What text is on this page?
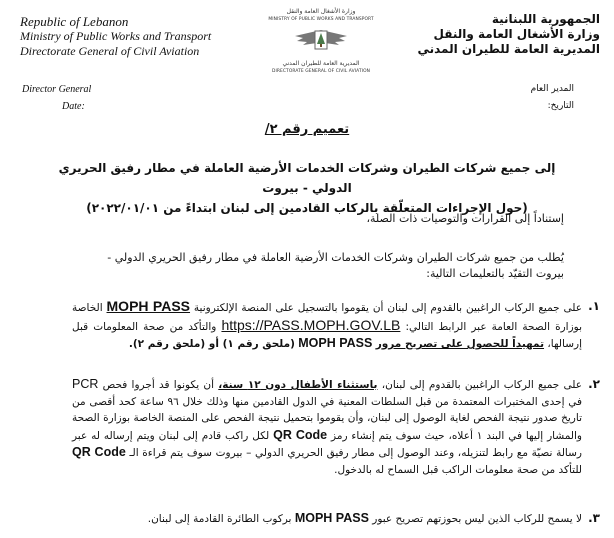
Republic of Lebanon
Ministry of Public Works and Transport
Directorate General of Civil Aviation
وزارة الأشغال العامة والنقل
MINISTRY OF PUBLIC WORKS AND TRANSPORT
المديرية العامة للطيران المدني
DIRECTORATE GENERAL OF CIVIL AVIATION
الجمهورية اللبنانية
وزارة الأشغال العامة والنقل
المديرية العامة للطيران المدني
Director General
Date:
المدير العام
التاريخ:
تعميم رقم ٢/
إلى جميع شركات الطيران وشركات الخدمات الأرضية العاملة في مطار رفيق الحريري الدولي - بيروت
(حول الإجراءات المتعلّقة بالركاب القادمين إلى لبنان ابتداءً من ٢٠٢٢/٠١/٠١)
إستناداً إلى القرارات والتوصيات ذات الصلة،
يُطلب من جميع شركات الطيران وشركات الخدمات الأرضية العاملة في مطار رفيق الحريري الدولي - بيروت التقيّد بالتعليمات التالية:
١.
على جميع الركاب الراغبين بالقدوم إلى لبنان أن يقوموا بالتسجيل على المنصة الإلكترونية MOPH PASS الخاصة بوزارة الصحة العامة عبر الرابط التالي: https://PASS.MOPH.GOV.LB والتأكد من صحة المعلومات قبل إرسالها، تمهيداً للحصول على تصريح مرور MOPH PASS (ملحق رقم ١) أو (ملحق رقم ٢).
٢.
على جميع الركاب الراغبين بالقدوم إلى لبنان، باستثناء الأطفال دون ١٢ سنة، أن يكونوا قد أجروا فحص PCR في إحدى المختبرات المعتمدة من قبل السلطات المعنية في الدول القادمين منها وذلك خلال ٩٦ ساعة كحد أقصى من تاريخ صدور نتيجة الفحص لغاية الوصول إلى لبنان، وأن يقوموا بتحميل نتيجة الفحص على المنصة الخاصة بوزارة الصحة والمشار إليها في البند ١ أعلاه، حيث سوف يتم إنشاء رمز QR Code لكل راكب قادم إلى لبنان ويتم إرساله له عبر رسالة نصيّة مع رابط لتنزيله، وعند الوصول إلى مطار رفيق الحريري الدولي – بيروت سوف يتم قراءة الـ QR Code للتأكد من صحة معلومات الراكب قبل السماح له بالدخول.
٣.
لا يسمح للركاب الذين ليس بحوزتهم تصريح عبور MOPH PASS بركوب الطائرة القادمة إلى لبنان.
